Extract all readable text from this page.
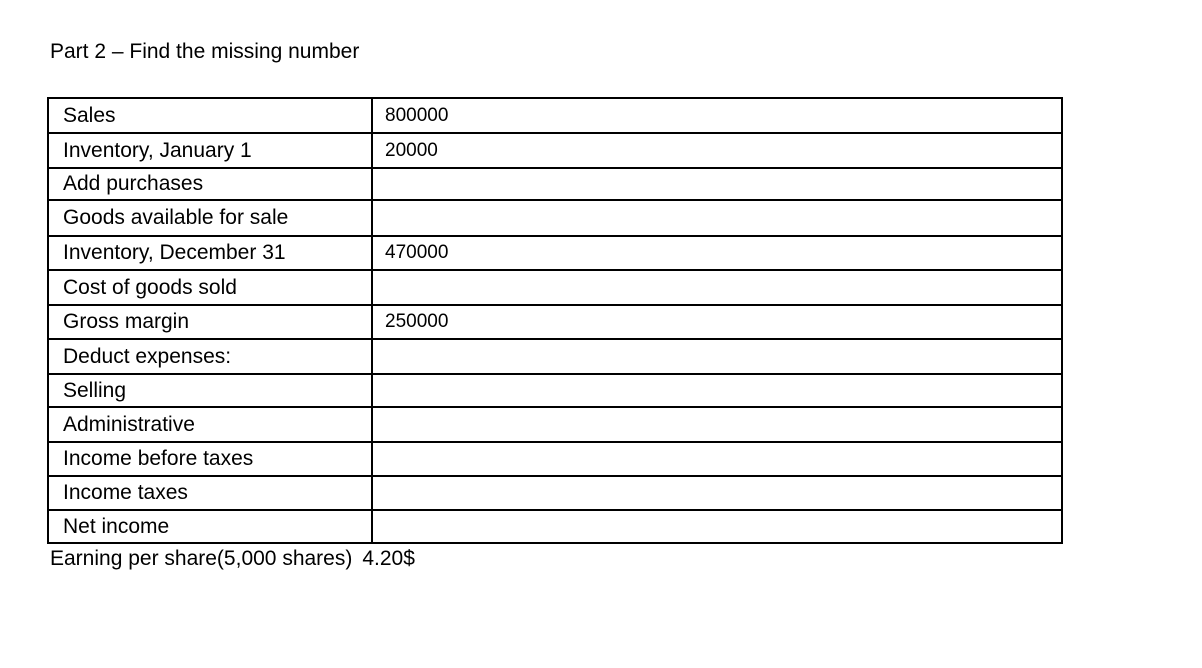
Part 2 – Find the missing number
Sales	800000
Inventory, January 1	20000
Add purchases	
Goods available for sale	
Inventory, December 31	470000
Cost of goods sold	
Gross margin	250000
Deduct expenses:	
Selling	
Administrative	
Income before taxes	
Income taxes	
Net income	
Earning per share(5,000 shares) 4.20$
